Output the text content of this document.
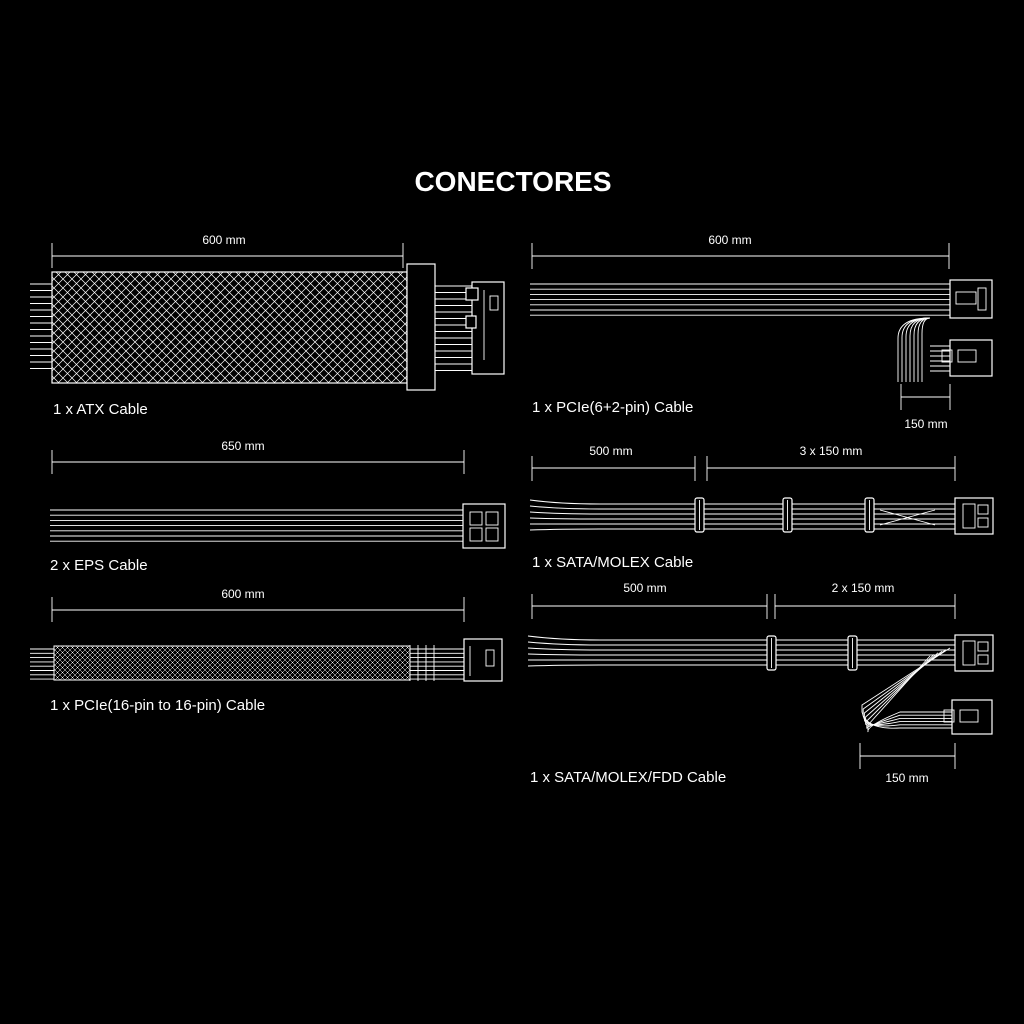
CONECTORES
600 mm
1 x ATX Cable
650 mm
2 x EPS Cable
600 mm
1 x PCIe(16-pin to 16-pin) Cable
600 mm
150 mm
1 x PCIe(6+2-pin) Cable
500 mm	3 x 150 mm
1 x SATA/MOLEX Cable
500 mm	2 x 150 mm
150 mm
1 x SATA/MOLEX/FDD Cable
